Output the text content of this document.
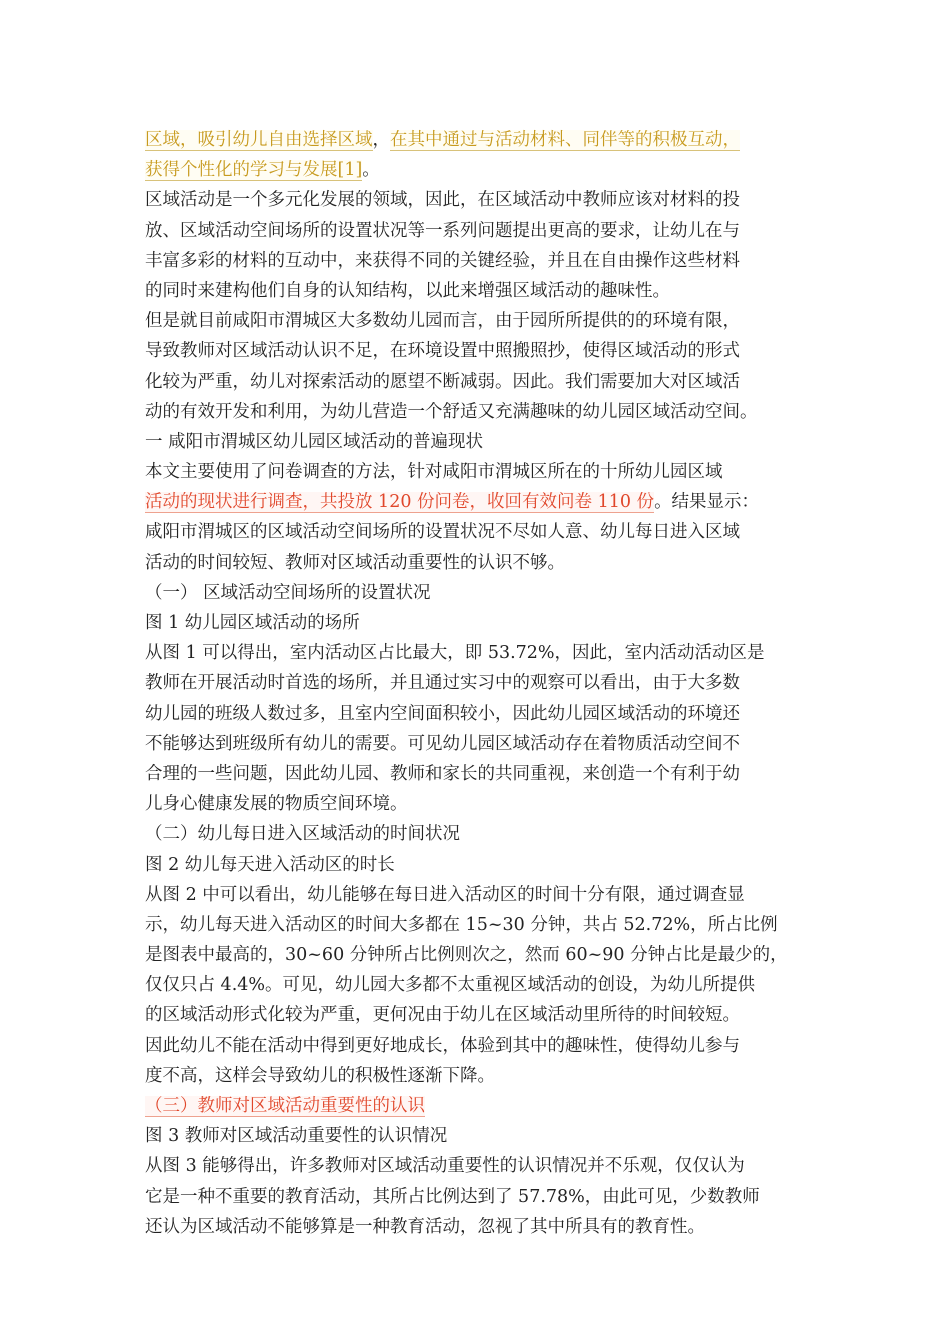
区域，吸引幼儿自由选择区域，在其中通过与活动材料、同伴等的积极互动，
获得个性化的学习与发展[1]。
区域活动是一个多元化发展的领域，因此，在区域活动中教师应该对材料的投
放、区域活动空间场所的设置状况等一系列问题提出更高的要求，让幼儿在与
丰富多彩的材料的互动中，来获得不同的关键经验，并且在自由操作这些材料
的同时来建构他们自身的认知结构，以此来增强区域活动的趣味性。
但是就目前咸阳市渭城区大多数幼儿园而言，由于园所所提供的的环境有限，
导致教师对区域活动认识不足，在环境设置中照搬照抄，使得区域活动的形式
化较为严重，幼儿对探索活动的愿望不断减弱。因此。我们需要加大对区域活
动的有效开发和利用，为幼儿营造一个舒适又充满趣味的幼儿园区域活动空间。
一 咸阳市渭城区幼儿园区域活动的普遍现状
本文主要使用了问卷调查的方法，针对咸阳市渭城区所在的十所幼儿园区域
活动的现状进行调查，共投放 120 份问卷，收回有效问卷 110 份。结果显示：
咸阳市渭城区的区域活动空间场所的设置状况不尽如人意、幼儿每日进入区域
活动的时间较短、教师对区域活动重要性的认识不够。
（一） 区域活动空间场所的设置状况
图 1 幼儿园区域活动的场所
从图 1 可以得出，室内活动区占比最大，即 53.72%，因此，室内活动活动区是
教师在开展活动时首选的场所，并且通过实习中的观察可以看出，由于大多数
幼儿园的班级人数过多，且室内空间面积较小，因此幼儿园区域活动的环境还
不能够达到班级所有幼儿的需要。可见幼儿园区域活动存在着物质活动空间不
合理的一些问题，因此幼儿园、教师和家长的共同重视，来创造一个有利于幼
儿身心健康发展的物质空间环境。
（二）幼儿每日进入区域活动的时间状况
图 2 幼儿每天进入活动区的时长
从图 2 中可以看出，幼儿能够在每日进入活动区的时间十分有限，通过调查显
示，幼儿每天进入活动区的时间大多都在 15~30 分钟，共占 52.72%，所占比例
是图表中最高的，30~60 分钟所占比例则次之，然而 60~90 分钟占比是最少的，
仅仅只占 4.4%。可见，幼儿园大多都不太重视区域活动的创设，为幼儿所提供
的区域活动形式化较为严重，更何况由于幼儿在区域活动里所待的时间较短。
因此幼儿不能在活动中得到更好地成长，体验到其中的趣味性，使得幼儿参与
度不高，这样会导致幼儿的积极性逐渐下降。
（三）教师对区域活动重要性的认识
图 3 教师对区域活动重要性的认识情况
从图 3 能够得出，许多教师对区域活动重要性的认识情况并不乐观，仅仅认为
它是一种不重要的教育活动，其所占比例达到了 57.78%，由此可见，少数教师
还认为区域活动不能够算是一种教育活动，忽视了其中所具有的教育性。
